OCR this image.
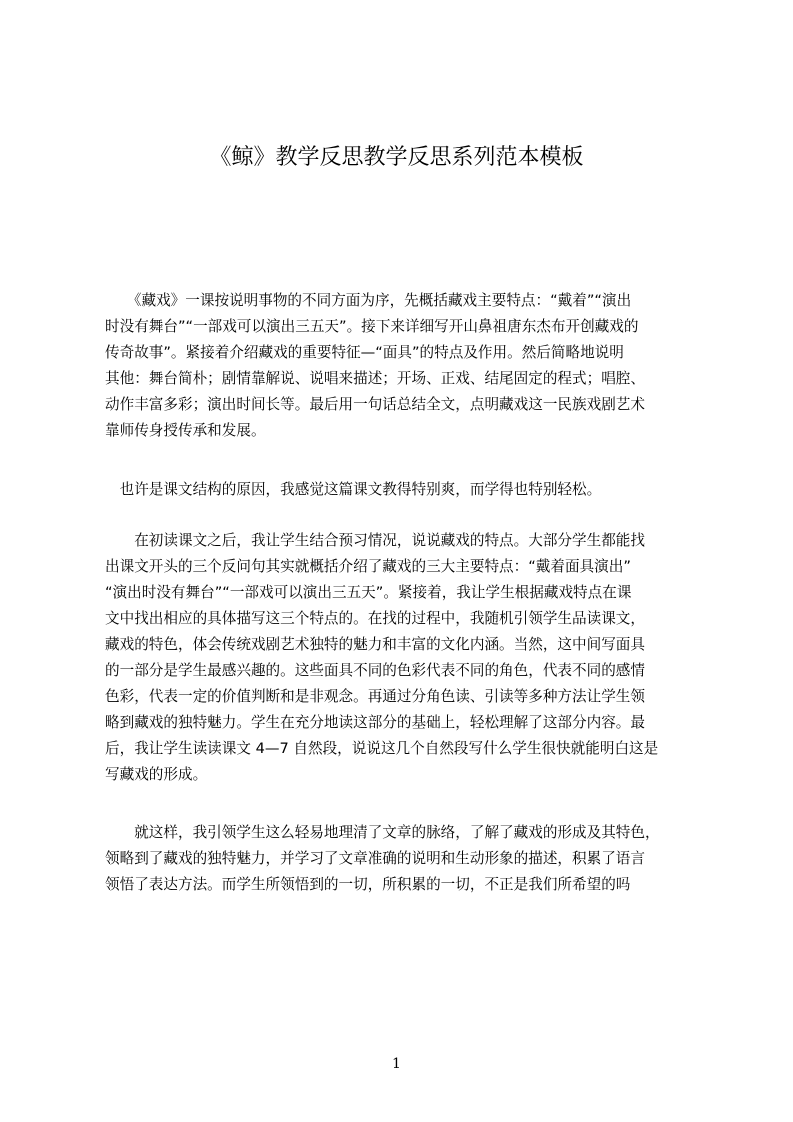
《鲸》教学反思教学反思系列范本模板
　　《藏戏》一课按说明事物的不同方面为序，先概括藏戏主要特点：“戴着”“演出
时没有舞台”“一部戏可以演出三五天”。接下来详细写开山鼻祖唐东杰布开创藏戏的
传奇故事”。紧接着介绍藏戏的重要特征—“面具”的特点及作用。然后简略地说明
其他：舞台简朴；剧情靠解说、说唱来描述；开场、正戏、结尾固定的程式；唱腔、
动作丰富多彩；演出时间长等。最后用一句话总结全文，点明藏戏这一民族戏剧艺术
靠师传身授传承和发展。
　也许是课文结构的原因，我感觉这篇课文教得特别爽，而学得也特别轻松。
　　在初读课文之后，我让学生结合预习情况，说说藏戏的特点。大部分学生都能找
出课文开头的三个反问句其实就概括介绍了藏戏的三大主要特点：“戴着面具演出”
“演出时没有舞台”“一部戏可以演出三五天”。紧接着，我让学生根据藏戏特点在课
文中找出相应的具体描写这三个特点的。在找的过程中，我随机引领学生品读课文，
藏戏的特色，体会传统戏剧艺术独特的魅力和丰富的文化内涵。当然，这中间写面具
的一部分是学生最感兴趣的。这些面具不同的色彩代表不同的角色，代表不同的感情
色彩，代表一定的价值判断和是非观念。再通过分角色读、引读等多种方法让学生领
略到藏戏的独特魅力。学生在充分地读这部分的基础上，轻松理解了这部分内容。最
后，我让学生读读课文 4—7 自然段，说说这几个自然段写什么学生很快就能明白这是
写藏戏的形成。
　　就这样，我引领学生这么轻易地理清了文章的脉络，了解了藏戏的形成及其特色，
领略到了藏戏的独特魅力，并学习了文章准确的说明和生动形象的描述，积累了语言
领悟了表达方法。而学生所领悟到的一切，所积累的一切，不正是我们所希望的吗
1
